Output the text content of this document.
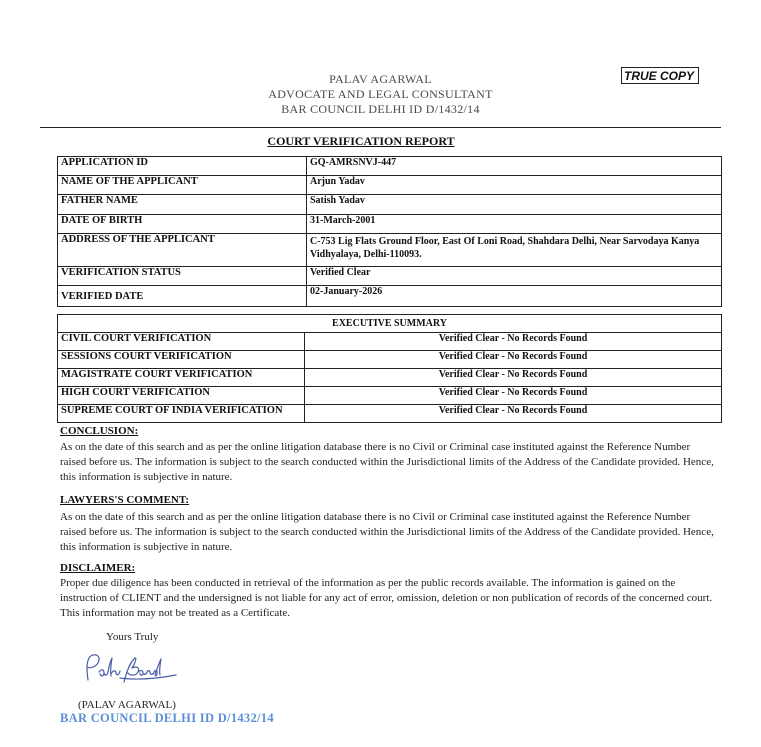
PALAV AGARWAL
ADVOCATE AND LEGAL CONSULTANT
BAR COUNCIL DELHI ID D/1432/14
TRUE COPY
COURT VERIFICATION REPORT
APPLICATION ID	GQ-AMRSNVJ-447
NAME OF THE APPLICANT	Arjun Yadav
FATHER NAME	Satish Yadav
DATE OF BIRTH	31-March-2001
ADDRESS OF THE APPLICANT	C-753 Lig Flats Ground Floor, East Of Loni Road, Shahdara Delhi, Near Sarvodaya Kanya Vidhyalaya, Delhi-110093.
VERIFICATION STATUS	Verified Clear
VERIFIED DATE	02-January-2026
EXECUTIVE SUMMARY	
CIVIL COURT VERIFICATION	Verified Clear - No Records Found
SESSIONS COURT VERIFICATION	Verified Clear - No Records Found
MAGISTRATE COURT VERIFICATION	Verified Clear - No Records Found
HIGH COURT VERIFICATION	Verified Clear - No Records Found
SUPREME COURT OF INDIA VERIFICATION	Verified Clear - No Records Found
CONCLUSION:
As on the date of this search and as per the online litigation database there is no Civil or Criminal case instituted against the Reference Number raised before us. The information is subject to the search conducted within the Jurisdictional limits of the Address of the Candidate provided. Hence, this information is subjective in nature.
LAWYERS'S COMMENT:
As on the date of this search and as per the online litigation database there is no Civil or Criminal case instituted against the Reference Number raised before us. The information is subject to the search conducted within the Jurisdictional limits of the Address of the Candidate provided. Hence, this information is subjective in nature.
DISCLAIMER:
Proper due diligence has been conducted in retrieval of the information as per the public records available. The information is gained on the instruction of CLIENT and the undersigned is not liable for any act of error, omission, deletion or non publication of records of the concerned court. This information may not be treated as a Certificate.
Yours Truly
(PALAV AGARWAL)
BAR COUNCIL DELHI ID D/1432/14
